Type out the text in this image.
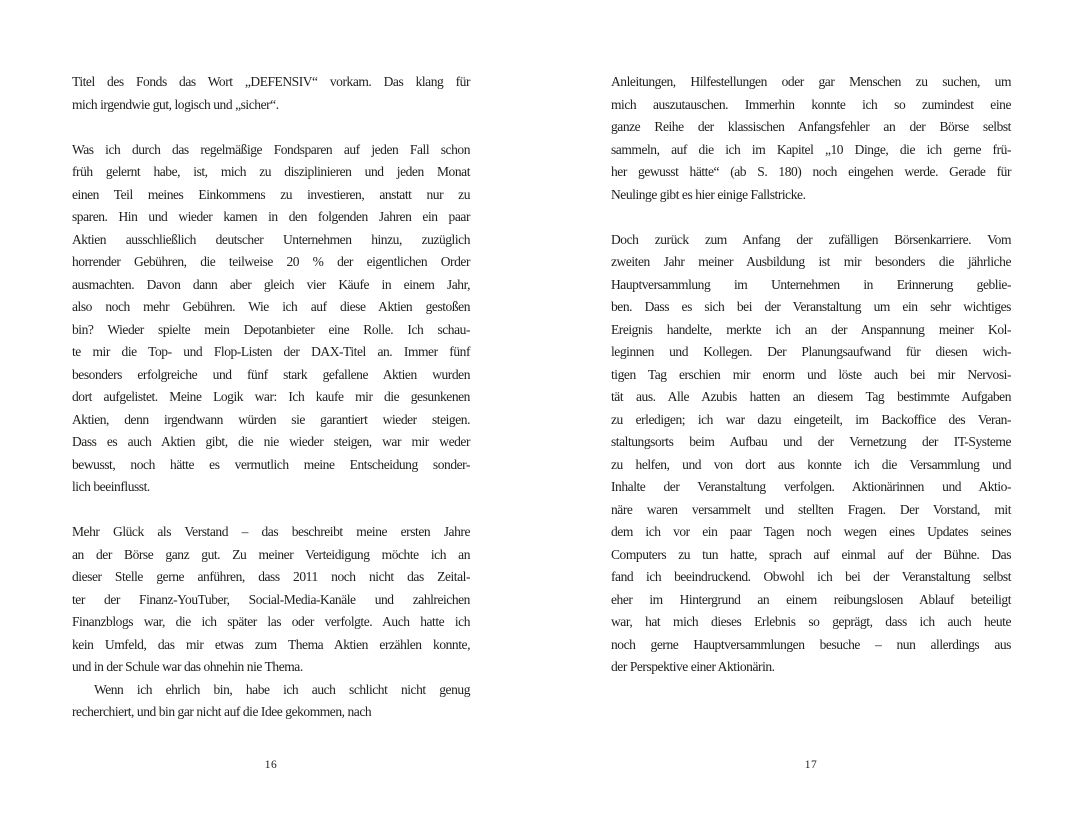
Titel des Fonds das Wort „DEFENSIV“ vorkam. Das klang für
mich irgendwie gut, logisch und „sicher“.
Was ich durch das regelmäßige Fondsparen auf jeden Fall schon
früh gelernt habe, ist, mich zu disziplinieren und jeden Monat
einen Teil meines Einkommens zu investieren, anstatt nur zu
sparen. Hin und wieder kamen in den folgenden Jahren ein paar
Aktien ausschließlich deutscher Unternehmen hinzu, zuzüglich
horrender Gebühren, die teilweise 20 % der eigentlichen Order
ausmachten. Davon dann aber gleich vier Käufe in einem Jahr,
also noch mehr Gebühren. Wie ich auf diese Aktien gestoßen
bin? Wieder spielte mein Depotanbieter eine Rolle. Ich schau-
te mir die Top- und Flop-Listen der DAX-Titel an. Immer fünf
besonders erfolgreiche und fünf stark gefallene Aktien wurden
dort aufgelistet. Meine Logik war: Ich kaufe mir die gesunkenen
Aktien, denn irgendwann würden sie garantiert wieder steigen.
Dass es auch Aktien gibt, die nie wieder steigen, war mir weder
bewusst, noch hätte es vermutlich meine Entscheidung sonder-
lich beeinflusst.
Mehr Glück als Verstand – das beschreibt meine ersten Jahre
an der Börse ganz gut. Zu meiner Verteidigung möchte ich an
dieser Stelle gerne anführen, dass 2011 noch nicht das Zeital-
ter der Finanz-YouTuber, Social-Media-Kanäle und zahlreichen
Finanzblogs war, die ich später las oder verfolgte. Auch hatte ich
kein Umfeld, das mir etwas zum Thema Aktien erzählen konnte,
und in der Schule war das ohnehin nie Thema.
Wenn ich ehrlich bin, habe ich auch schlicht nicht genug
recherchiert, und bin gar nicht auf die Idee gekommen, nach
16
Anleitungen, Hilfestellungen oder gar Menschen zu suchen, um
mich auszutauschen. Immerhin konnte ich so zumindest eine
ganze Reihe der klassischen Anfangsfehler an der Börse selbst
sammeln, auf die ich im Kapitel „10 Dinge, die ich gerne frü-
her gewusst hätte“ (ab S. 180) noch eingehen werde. Gerade für
Neulinge gibt es hier einige Fallstricke.
Doch zurück zum Anfang der zufälligen Börsenkarriere. Vom
zweiten Jahr meiner Ausbildung ist mir besonders die jährliche
Hauptversammlung im Unternehmen in Erinnerung geblie-
ben. Dass es sich bei der Veranstaltung um ein sehr wichtiges
Ereignis handelte, merkte ich an der Anspannung meiner Kol-
leginnen und Kollegen. Der Planungsaufwand für diesen wich-
tigen Tag erschien mir enorm und löste auch bei mir Nervosi-
tät aus. Alle Azubis hatten an diesem Tag bestimmte Aufgaben
zu erledigen; ich war dazu eingeteilt, im Backoffice des Veran-
staltungsorts beim Aufbau und der Vernetzung der IT-Systeme
zu helfen, und von dort aus konnte ich die Versammlung und
Inhalte der Veranstaltung verfolgen. Aktionärinnen und Aktio-
näre waren versammelt und stellten Fragen. Der Vorstand, mit
dem ich vor ein paar Tagen noch wegen eines Updates seines
Computers zu tun hatte, sprach auf einmal auf der Bühne. Das
fand ich beeindruckend. Obwohl ich bei der Veranstaltung selbst
eher im Hintergrund an einem reibungslosen Ablauf beteiligt
war, hat mich dieses Erlebnis so geprägt, dass ich auch heute
noch gerne Hauptversammlungen besuche – nun allerdings aus
der Perspektive einer Aktionärin.
17
